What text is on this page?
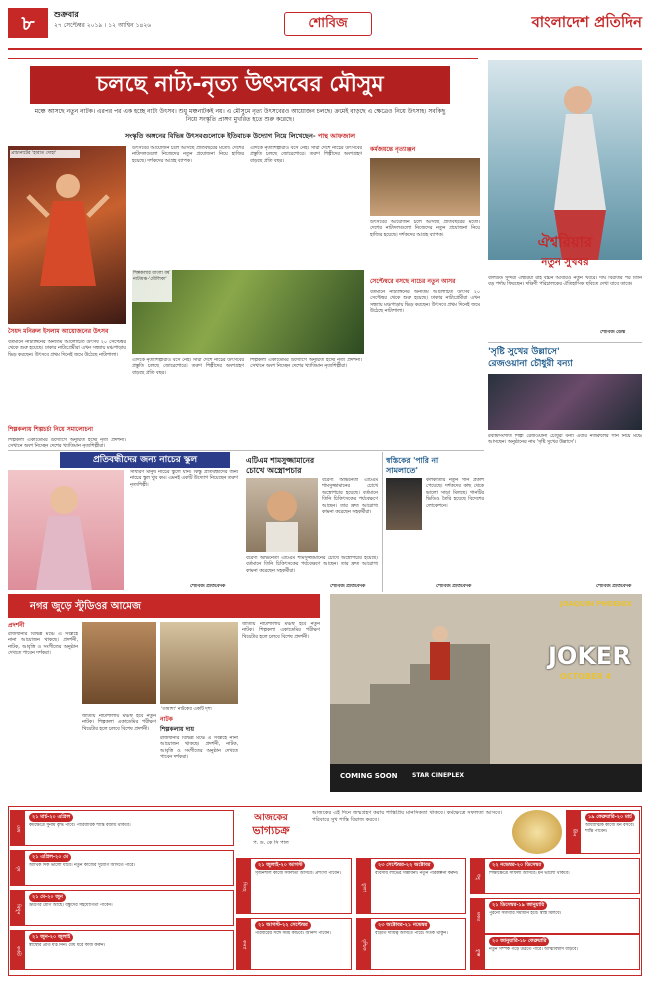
৮	শুক্রবার
২৭ সেপ্টেম্বর ২০১৯ । ১২ আশ্বিন ১৪২৬	শোবিজ	বাংলাদেশ প্রতিদিন
চলছে নাট্য-নৃত্য উৎসবের মৌসুম
মঞ্চে আসছে নতুন নাটক। এরপর পর এক হচ্ছে নাট্য উৎসব। শুধু মঞ্চনাটকই নয়। এ মৌসুমে নৃত্য উৎসবেরও আয়োজন চলছে। ক্রমেই বাড়ছে এ ক্ষেত্রেও নিয়ে উৎসাহ। সবকিছু নিয়ে সংস্কৃতি প্রাঙ্গণ মুখরিত হতে শুরু করেছে।
সংস্কৃতি অঙ্গনের বিভিন্ন উৎসবগুলোকে ইতিবাচক উদ্যোগ নিয়ে লিখেছেন- পান্থ আফজাল
প্রাচ্যনাটের 'হারাত দোহা'
সৈয়দ মনিরুল ইসলাম আয়োজনের উৎসব
বর্তমানে নাট্যাঙ্গনের অন্যতম আলোচিত উৎসব ২০ সেপ্টেম্বর থেকে শুরু হয়েছে। ঢাকার নাট্যপ্রেমীরা এখন সন্ধ্যায় মঞ্চপাড়ায় ভিড় করছেন। উৎসবে প্রথম দিনেই জমে উঠেছে নাট্যশালা।
শিল্পকলায় শিল্পচর্চা নিয়ে সমালোচনা
শিল্পকলা একাডেমির উদ্যোগে অনুষ্ঠিত হচ্ছে নৃত্য প্রদর্শনী। সেখানে অংশ নিচ্ছেন দেশের খ্যাতিমান নৃত্যশিল্পীরা।
উৎসবের আয়োজন চলে আসছে প্রতিবছরের মতো। দেশের নাট্যদলগুলো নিজেদের নতুন প্রযোজনা নিয়ে হাজির হয়েছে। দর্শকদের আগ্রহ ব্যাপক।
শিল্পকলার বাংলা বর্ষ নাট্যমঞ্চ-'মৌলিকা'
এদিকে নৃত্যশিল্পীরাও বসে নেই। সারা দেশে নাচের উৎসবের প্রস্তুতি চলছে জোরেশোরে। তরুণ শিল্পীদের অংশগ্রহণ বাড়ছে প্রতি বছর।
শিল্পকলা একাডেমির উদ্যোগে অনুষ্ঠিত হচ্ছে নৃত্য প্রদর্শনী। সেখানে অংশ নিচ্ছেন দেশের খ্যাতিমান নৃত্যশিল্পীরা।
এদিকে নৃত্যশিল্পীরাও বসে নেই। সারা দেশে নাচের উৎসবের প্রস্তুতি চলছে জোরেশোরে। তরুণ শিল্পীদের অংশগ্রহণ বাড়ছে প্রতি বছর।
কর্মজয়ন্তে নৃত্যাঞ্জন
উৎসবের আয়োজন চলে আসছে প্রতিবছরের মতো। দেশের নাট্যদলগুলো নিজেদের নতুন প্রযোজনা নিয়ে হাজির হয়েছে। দর্শকদের আগ্রহ ব্যাপক।
সেপ্টেম্বরে বসছে নাচের নতুন আসর
বর্তমানে নাট্যাঙ্গনের অন্যতম আলোচিত উৎসব ২০ সেপ্টেম্বর থেকে শুরু হয়েছে। ঢাকার নাট্যপ্রেমীরা এখন সন্ধ্যায় মঞ্চপাড়ায় ভিড় করছেন। উৎসবে প্রথম দিনেই জমে উঠেছে নাট্যশালা।
ঐশ্বরিয়ার
নতুন সুখবর
বলিউড সুন্দরী ঐশ্বরিয়া রাই বচ্চন আবারও নতুন খবরে। দীর্ঘ বিরতির পর তিনি বড় পর্দায় ফিরছেন। দক্ষিণী পরিচালকের ঐতিহাসিক ছবিতে দেখা যাবে তাকে।
শোবিজ ডেস্ক
'সৃষ্টি সুখের উল্লাসে'
রেজওয়ানা চৌধুরী বন্যা
রবীন্দ্রসংগীত শিল্পী রেজওয়ানা চৌধুরী বন্যা এবার নজরুলের গান নিয়ে মঞ্চে আসছেন। অনুষ্ঠানের নাম 'সৃষ্টি সুখের উল্লাসে'।
শোবিজ প্রতিবেদক
প্রতিবন্ধীদের জন্য নাচের স্কুল
সাধারণ মানুষ নাচের স্কুলে যান। কিন্তু প্রতিবন্ধীদের জন্য নাচের স্কুল খুব কম। এমনই একটি উদ্যোগ নিয়েছেন তরুণ নৃত্যশিল্পী।
শোবিজ প্রতিবেদক
এটিএম শামসুজ্জামানের
চোখে অস্ত্রোপচার
বরেণ্য অভিনেতা এটিএম শামসুজ্জামানের চোখে অস্ত্রোপচার হয়েছে। বর্তমানে তিনি চিকিৎসকের পর্যবেক্ষণে আছেন। তার দ্রুত আরোগ্য কামনা করেছেন সহকর্মীরা।
বরেণ্য অভিনেতা এটিএম শামসুজ্জামানের চোখে অস্ত্রোপচার হয়েছে। বর্তমানে তিনি চিকিৎসকের পর্যবেক্ষণে আছেন। তার দ্রুত আরোগ্য কামনা করেছেন সহকর্মীরা।
শোবিজ প্রতিবেদক
স্বস্তিকের 'পারি না
সামলাতে'
কলকাতার নতুন গান প্রকাশ পেয়েছে। দর্শকদের কাছ থেকে ভালো সাড়া মিলছে। গানটির ভিডিও তৈরি হয়েছে বিদেশের লোকেশনে।
শোবিজ প্রতিবেদক
নগর জুড়ে স্টুডিওর আমেজ
প্রদর্শনী
রাজধানীর বিভিন্ন মঞ্চে এ সপ্তাহে নানা আয়োজন থাকছে। প্রদর্শনী, নাটক, আবৃত্তি ও সংগীতের অনুষ্ঠান দেখতে পাবেন দর্শকরা।
'তামাশা' নাটকের একটি দৃশ্য
জাতীয় নাট্যশালায় মঞ্চস্থ হবে নতুন নাটক। শিল্পকলা একাডেমির পরীক্ষণ থিয়েটার হলে চলবে বিশেষ প্রদর্শনী।
নাটক
শিল্পকলায় দায়
রাজধানীর বিভিন্ন মঞ্চে এ সপ্তাহে নানা আয়োজন থাকছে। প্রদর্শনী, নাটক, আবৃত্তি ও সংগীতের অনুষ্ঠান দেখতে পাবেন দর্শকরা।
জাতীয় নাট্যশালায় মঞ্চস্থ হবে নতুন নাটক। শিল্পকলা একাডেমির পরীক্ষণ থিয়েটার হলে চলবে বিশেষ প্রদর্শনী।
JOAQUIN PHOENIX
JOKER
OCTOBER 4
COMING SOON	STAR CINEPLEX
মেষ
২১ মার্চ-২০ এপ্রিল
কর্মক্ষেত্রে সুনাম বৃদ্ধি পাবে। পারিবারিক শান্তি বজায় থাকবে।
বৃষ
২১ এপ্রিল-২০ মে
আর্থিক দিক ভালো যাবে। নতুন কাজের সুযোগ আসতে পারে।
মিথুন
২১ মে-২০ জুন
ভ্রমণের যোগ আছে। বন্ধুদের সহযোগিতা পাবেন।
কর্কট
২১ জুন-২০ জুলাই
স্বাস্থ্যের প্রতি যত্ন নিন। ধৈর্য ধরে কাজ করুন।
সিংহ
২১ জুলাই-২০ আগস্ট
সৃজনশীল কাজে সফলতা আসবে। প্রশংসা পাবেন।
কন্যা
২১ আগস্ট-২২ সেপ্টেম্বর
পরিবারের সঙ্গে সময় কাটবে। আনন্দ পাবেন।
তুলা
২৩ সেপ্টেম্বর-২২ অক্টোবর
ব্যবসায় লাভের সম্ভাবনা। নতুন পরিকল্পনা করুন।
বৃশ্চিক
২৩ অক্টোবর-২১ নভেম্বর
বাড়তি দায়িত্ব আসতে পারে। সতর্ক থাকুন।
ধনু
২২ নভেম্বর-২০ ডিসেম্বর
শিক্ষাক্ষেত্রে সাফল্য আসবে। মন ভালো থাকবে।
মকর
২১ ডিসেম্বর-১৯ জানুয়ারি
পুরনো সমস্যার সমাধান হবে। স্বস্তি মিলবে।
কুম্ভ
২০ জানুয়ারি-১৮ ফেব্রুয়ারি
নতুন সম্পর্ক গড়ে উঠতে পারে। আত্মবিশ্বাস বাড়বে।
মীন
১৯ ফেব্রুয়ারি-২০ মার্চ
আধ্যাত্মিক কাজে মন বসবে। শান্তি পাবেন।
আজকের
ভাগ্যচক্র
প. ড. কে সি পাল
আজকের এই দিনে জন্মগ্রহণ করায় শান্তিপ্রিয় মানসিকতা থাকবে। কর্মক্ষেত্রে সফলতা আসবে। পরিবারে সুখ শান্তি বিরাজ করবে।
